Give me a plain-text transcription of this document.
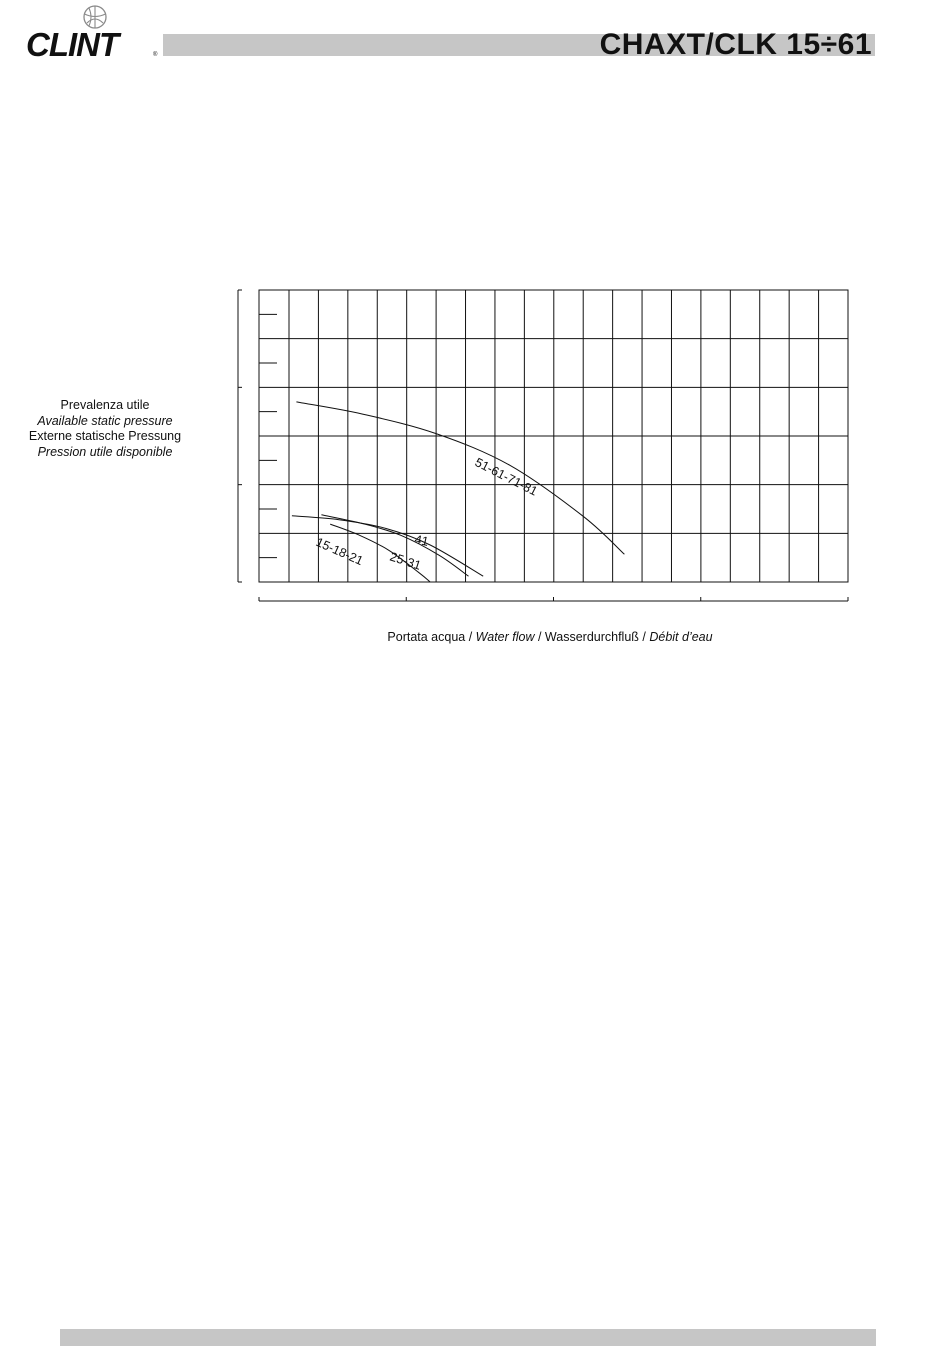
CLINT	®	CHAXT/CLK 15÷61
Prevalenza utile
Available static pressure
Externe statische Pressung
Pression utile disponible
15-18-21 25-31
41
51-61-71-81
Portata acqua / Water flow / Wasserdurchfluß / Débit d’eau
